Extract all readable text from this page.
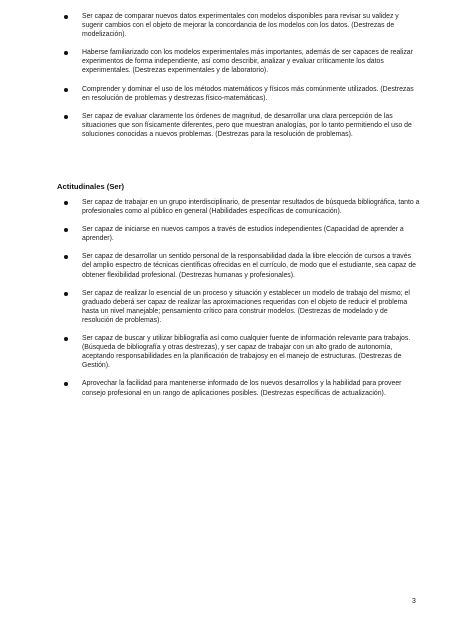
Ser capaz de comparar nuevos datos experimentales con modelos disponibles para revisar su validez y sugerir cambios con el objeto de mejorar la concordancia de los modelos con los datos. (Destrezas de modelización).
Haberse familiarizado con los modelos experimentales más importantes, además de ser capaces de realizar experimentos de forma independiente, así como describir, analizar y evaluar críticamente los datos experimentales. (Destrezas experimentales y de laboratorio).
Comprender y dominar el uso de los métodos matemáticos y físicos más comúnmente utilizados. (Destrezas en resolución de problemas y destrezas físico-matemáticas).
Ser capaz de evaluar claramente los órdenes de magnitud, de desarrollar una clara percepción de las situaciones que son físicamente diferentes, pero que muestran analogías, por lo tanto permitiendo el uso de soluciones conocidas a nuevos problemas. (Destrezas para la resolución de problemas).
Actitudinales (Ser)
Ser capaz de trabajar en un grupo interdisciplinario, de presentar resultados de búsqueda bibliográfica, tanto a profesionales como al público en general (Habilidades específicas de comunicación).
Ser capaz de iniciarse en nuevos campos a través de estudios independientes (Capacidad de aprender a aprender).
Ser capaz de desarrollar un sentido personal de la responsabilidad dada la libre elección de cursos a través del amplio espectro de técnicas científicas ofrecidas en el currículo, de modo que el estudiante, sea capaz de obtener flexibilidad profesional. (Destrezas humanas y profesionales).
Ser capaz de realizar lo esencial de un proceso y situación y establecer un modelo de trabajo del mismo; el graduado deberá ser capaz de realizar las aproximaciones requeridas con el objeto de reducir el problema hasta un nivel manejable; pensamiento crítico para construir modelos. (Destrezas de modelado y de resolución de problemas).
Ser capaz de buscar y utilizar bibliografía así como cualquier fuente de información relevante para trabajos. (Búsqueda de bibliografía y otras destrezas), y ser capaz de trabajar con un alto grado de autonomía, aceptando responsabilidades en la planificación de trabajosy en el manejo de estructuras. (Destrezas de Gestión).
Aprovechar la facilidad para mantenerse informado de los nuevos desarrollos y la habilidad para proveer consejo profesional en un rango de aplicaciones posibles. (Destrezas específicas de actualización).
3
